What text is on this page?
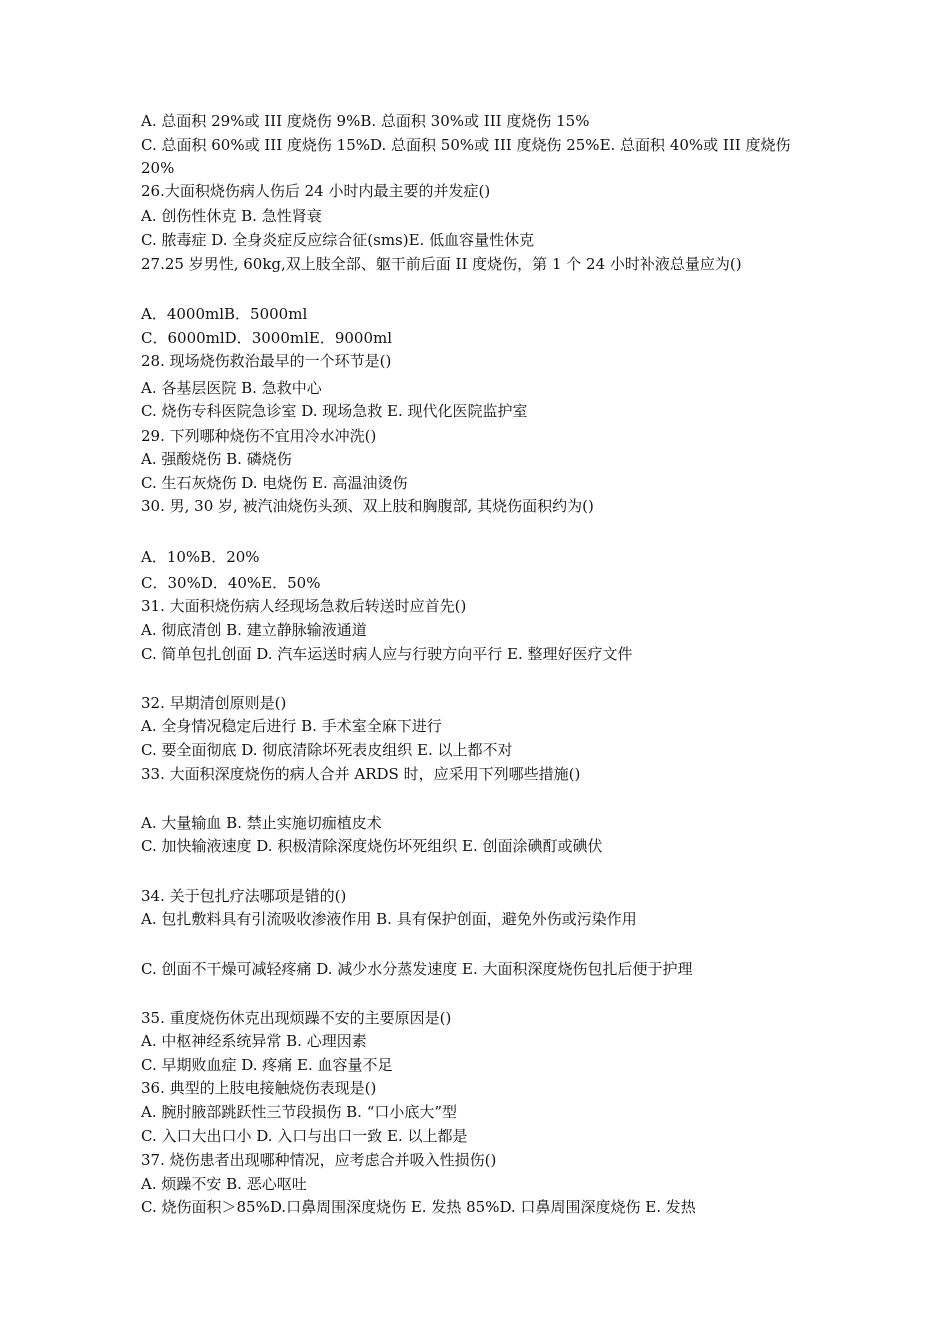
A. 总面积 29%或 III 度烧伤 9%B. 总面积 30%或 III 度烧伤 15%
C. 总面积 60%或 III 度烧伤 15%D. 总面积 50%或 III 度烧伤 25%E. 总面积 40%或 III 度烧伤
20%
26.大面积烧伤病人伤后 24 小时内最主要的并发症()
A. 创伤性休克 B. 急性肾衰
C. 脓毒症 D. 全身炎症反应综合征(sms)E. 低血容量性休克
27.25 岁男性, 60kg,双上肢全部、躯干前后面 II 度烧伤，第 1 个 24 小时补液总量应为()
A．4000mlB．5000ml
C．6000mlD．3000mlE．9000ml
28. 现场烧伤救治最早的一个环节是()
A. 各基层医院 B. 急救中心
C. 烧伤专科医院急诊室 D. 现场急救 E. 现代化医院监护室
29. 下列哪种烧伤不宜用冷水冲洗()
A. 强酸烧伤 B. 磷烧伤
C. 生石灰烧伤 D. 电烧伤 E. 高温油烫伤
30. 男, 30 岁, 被汽油烧伤头颈、双上肢和胸腹部, 其烧伤面积约为()
A．10%B．20%
C．30%D．40%E．50%
31. 大面积烧伤病人经现场急救后转送时应首先()
A. 彻底清创 B. 建立静脉输液通道
C. 简单包扎创面 D. 汽车运送时病人应与行驶方向平行 E. 整理好医疗文件
32. 早期清创原则是()
A. 全身情况稳定后进行 B. 手术室全麻下进行
C. 要全面彻底 D. 彻底清除坏死表皮组织 E. 以上都不对
33. 大面积深度烧伤的病人合并 ARDS 时，应采用下列哪些措施()
A. 大量输血 B. 禁止实施切痂植皮术
C. 加快输液速度 D. 积极清除深度烧伤坏死组织 E. 创面涂碘酊或碘伏
34. 关于包扎疗法哪项是错的()
A. 包扎敷料具有引流吸收渗液作用 B. 具有保护创面，避免外伤或污染作用
C. 创面不干燥可减轻疼痛 D. 减少水分蒸发速度 E. 大面积深度烧伤包扎后便于护理
35. 重度烧伤休克出现烦躁不安的主要原因是()
A. 中枢神经系统异常 B. 心理因素
C. 早期败血症 D. 疼痛 E. 血容量不足
36. 典型的上肢电接触烧伤表现是()
A. 腕肘腋部跳跃性三节段损伤 B. “口小底大”型
C. 入口大出口小 D. 入口与出口一致 E. 以上都是
37. 烧伤患者出现哪种情况，应考虑合并吸入性损伤()
A. 烦躁不安 B. 恶心呕吐
C. 烧伤面积＞85%D.口鼻周围深度烧伤 E. 发热 85%D. 口鼻周围深度烧伤 E. 发热
